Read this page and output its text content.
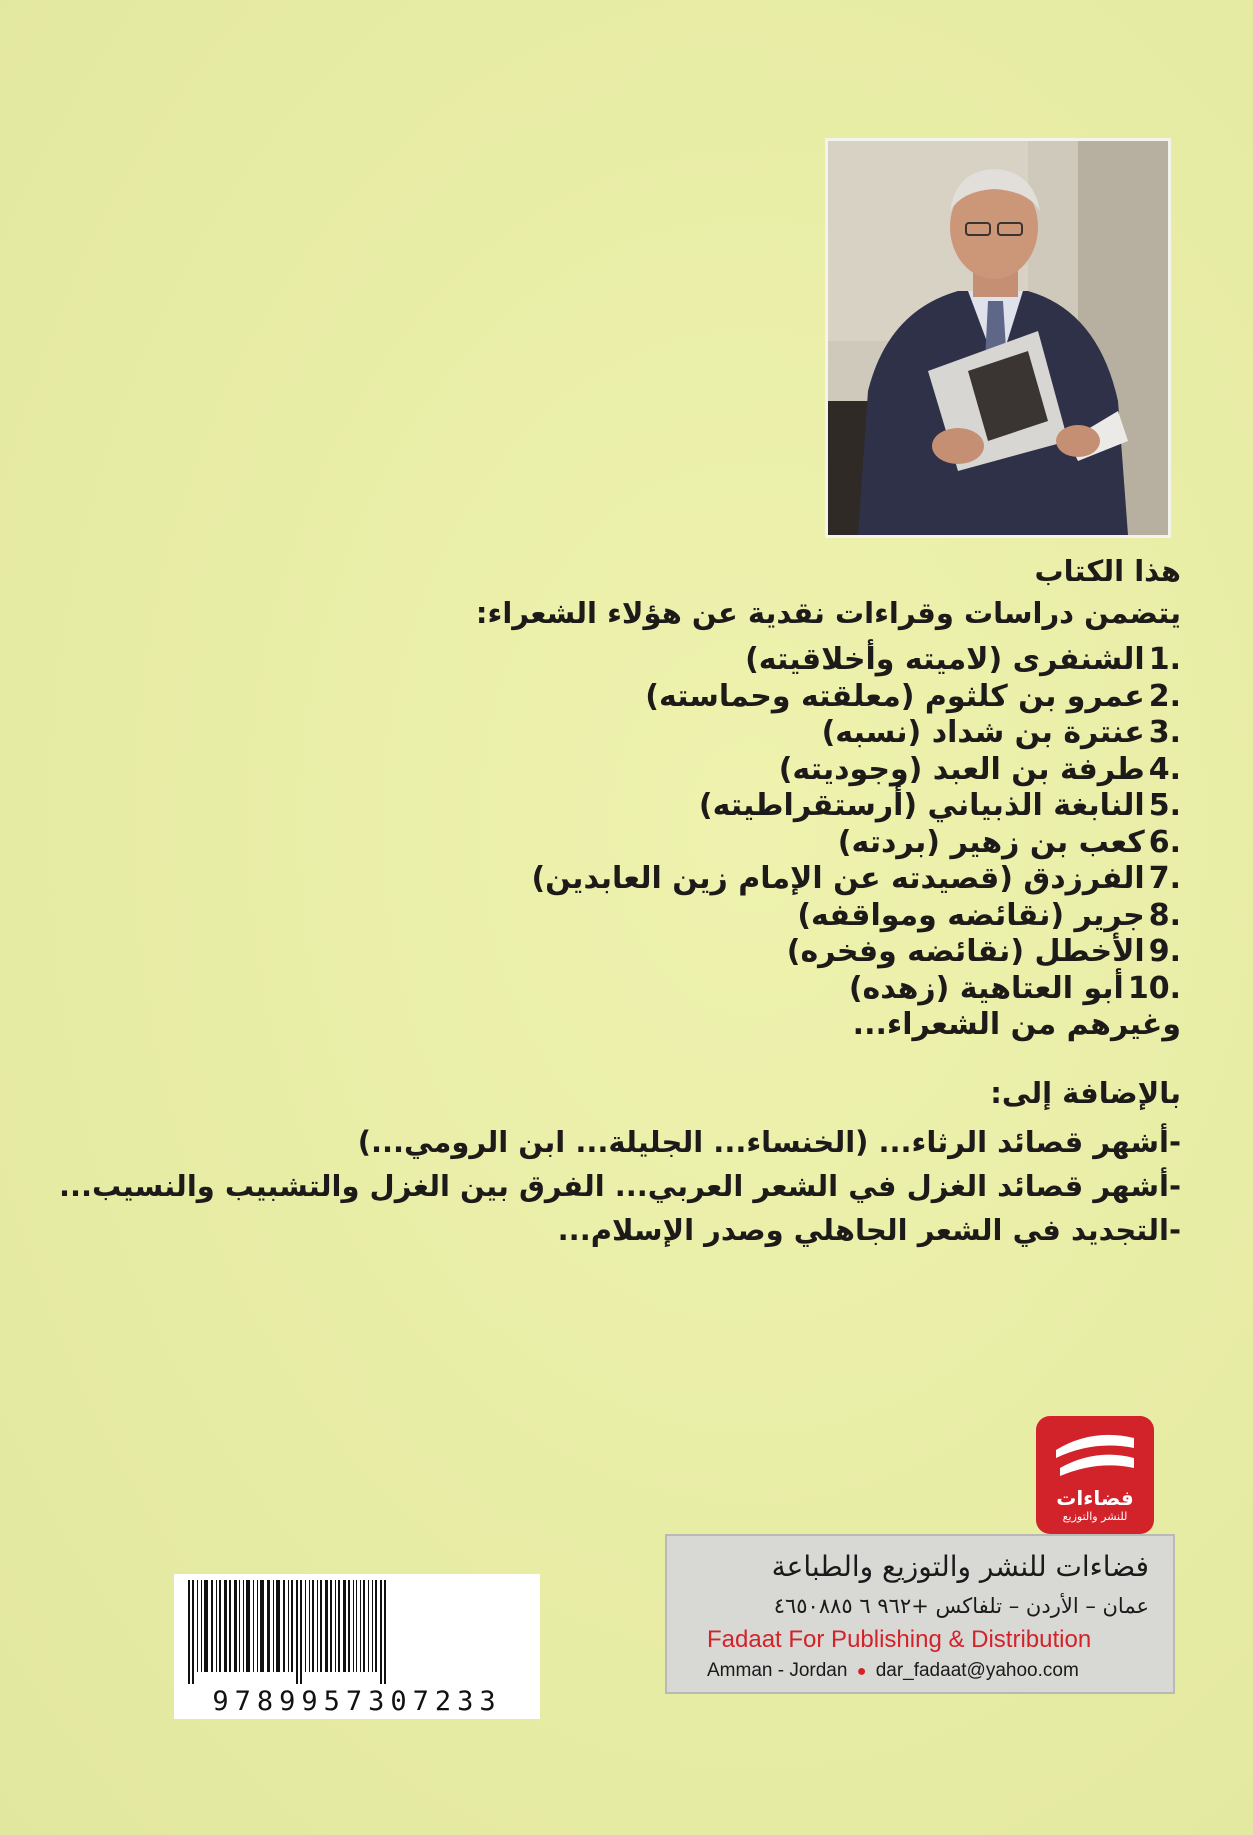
هذا الكتاب
يتضمن دراسات وقراءات نقدية عن هؤلاء الشعراء:
1.الشنفرى (لاميته وأخلاقيته)
2.عمرو بن كلثوم (معلقته وحماسته)
3.عنترة بن شداد (نسبه)
4.طرفة بن العبد (وجوديته)
5.النابغة الذبياني (أرستقراطيته)
6.كعب بن زهير (بردته)
7.الفرزدق (قصيدته عن الإمام زين العابدين)
8.جرير (نقائضه ومواقفه)
9.الأخطل (نقائضه وفخره)
10.أبو العتاهية (زهده)
وغيرهم من الشعراء...
بالإضافة إلى:
-أشهر قصائد الرثاء... (الخنساء... الجليلة... ابن الرومي...)
-أشهر قصائد الغزل في الشعر العربي... الفرق بين الغزل والتشبيب والنسيب...
-التجديد في الشعر الجاهلي وصدر الإسلام...
فضاءات
للنشر والتوزيع
فضاءات للنشر والتوزيع والطباعة
عمان – الأردن – تلفاكس +٩٦٢ ٦ ٤٦٥٠٨٨٥
Fadaat For Publishing & Distribution
Amman - Jordan ● dar_fadaat@yahoo.com
9789957307233
